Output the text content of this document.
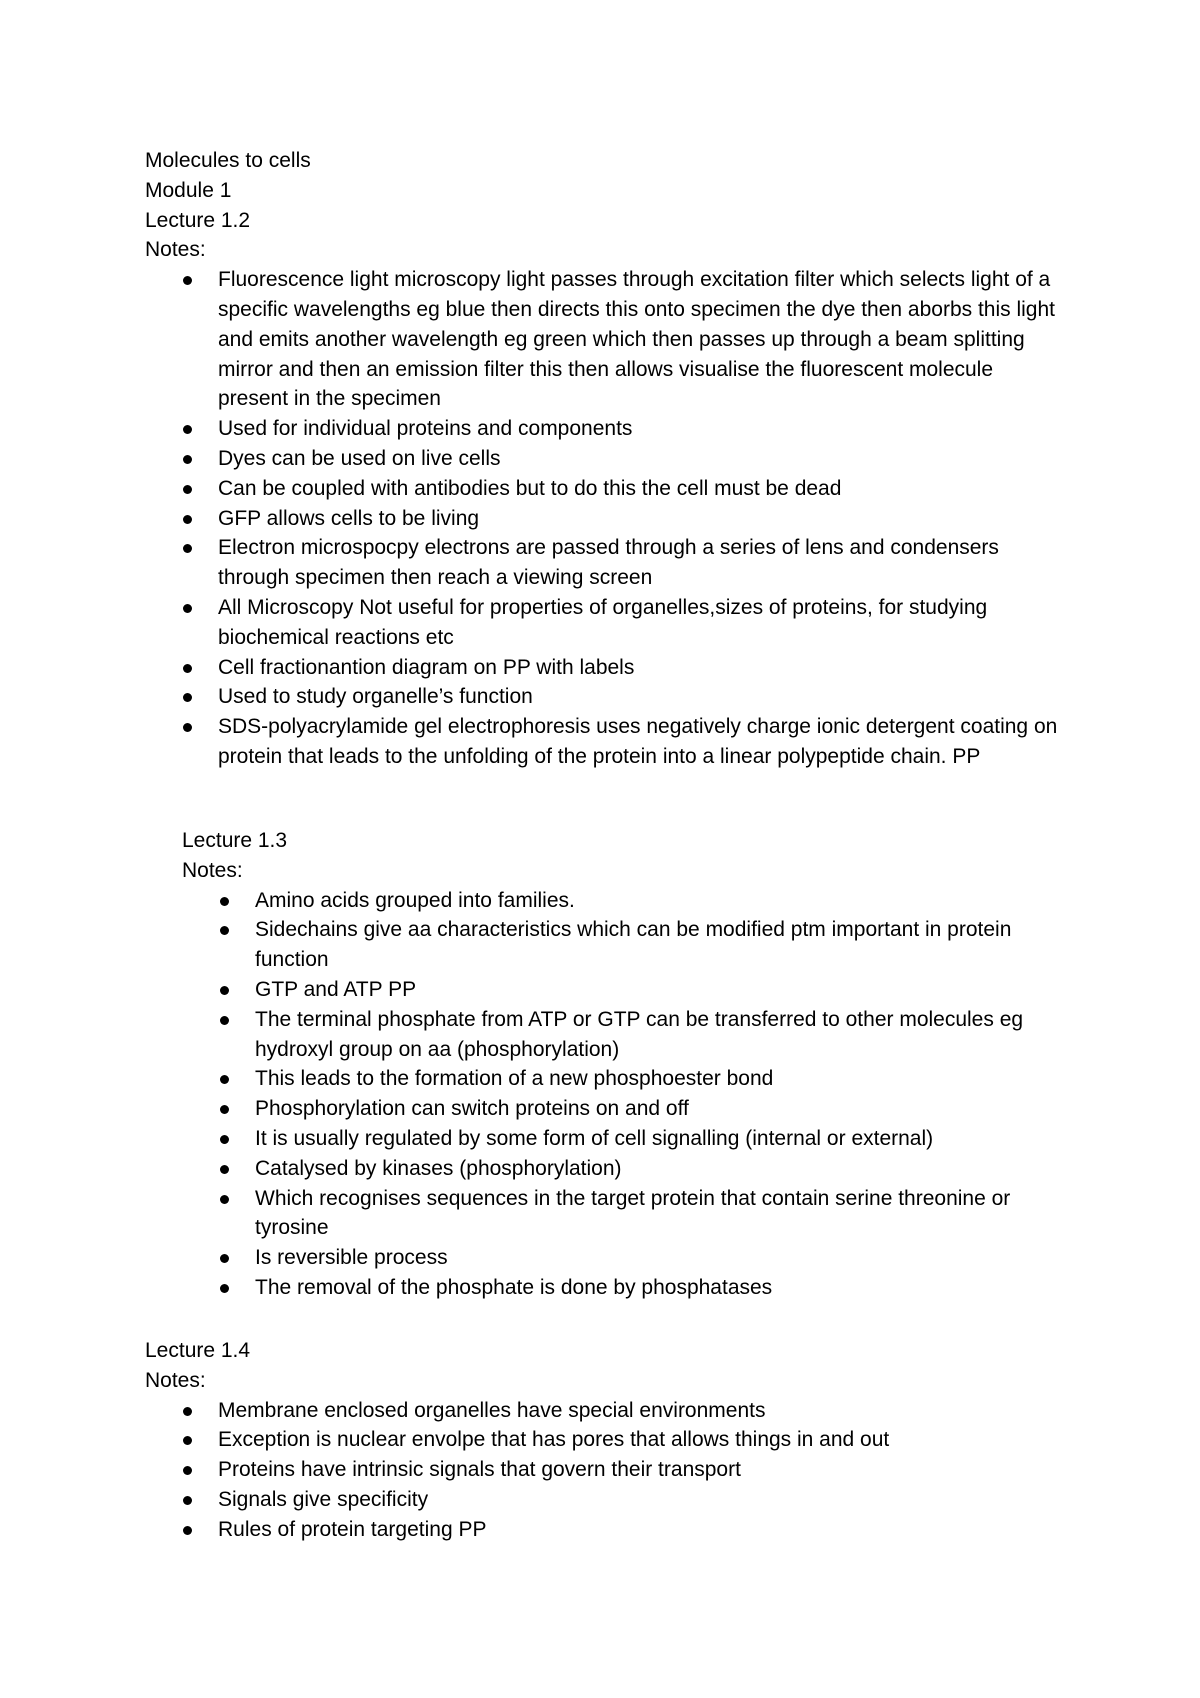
Molecules to cells
Module 1
Lecture 1.2
Notes:
Fluorescence light microscopy light passes through excitation filter which selects light of a specific wavelengths eg blue then directs this onto specimen the dye then aborbs this light and emits another wavelength eg green which then passes up through a beam splitting mirror and then an emission filter this then allows visualise the fluorescent molecule present in the specimen
Used for individual proteins and components
Dyes can be used on live cells
Can be coupled with antibodies but to do this the cell must be dead
GFP allows cells to be living
Electron microspocpy electrons are passed through a series of lens and condensers through specimen then reach a viewing screen
All Microscopy Not useful for properties of organelles,sizes of proteins, for studying biochemical reactions etc
Cell fractionantion diagram on PP with labels
Used to study organelle’s function
SDS-polyacrylamide gel electrophoresis uses negatively charge ionic detergent coating on protein that leads to the unfolding of the protein into a linear polypeptide chain. PP
Lecture 1.3
Notes:
Amino acids grouped into families.
Sidechains give aa characteristics which can be modified ptm important in protein function
GTP and ATP PP
The terminal phosphate from ATP or GTP can be transferred to other molecules eg hydroxyl group on aa (phosphorylation)
This leads to the formation of a new phosphoester bond
Phosphorylation can switch proteins on and off
It is usually regulated by some form of cell signalling (internal or external)
Catalysed by kinases (phosphorylation)
Which recognises sequences in the target protein that contain serine threonine or tyrosine
Is reversible process
The removal of the phosphate is done by phosphatases
Lecture 1.4
Notes:
Membrane enclosed organelles have special environments
Exception is nuclear envolpe that has pores that allows things in and out
Proteins have intrinsic signals that govern their transport
Signals give specificity
Rules of protein targeting PP
